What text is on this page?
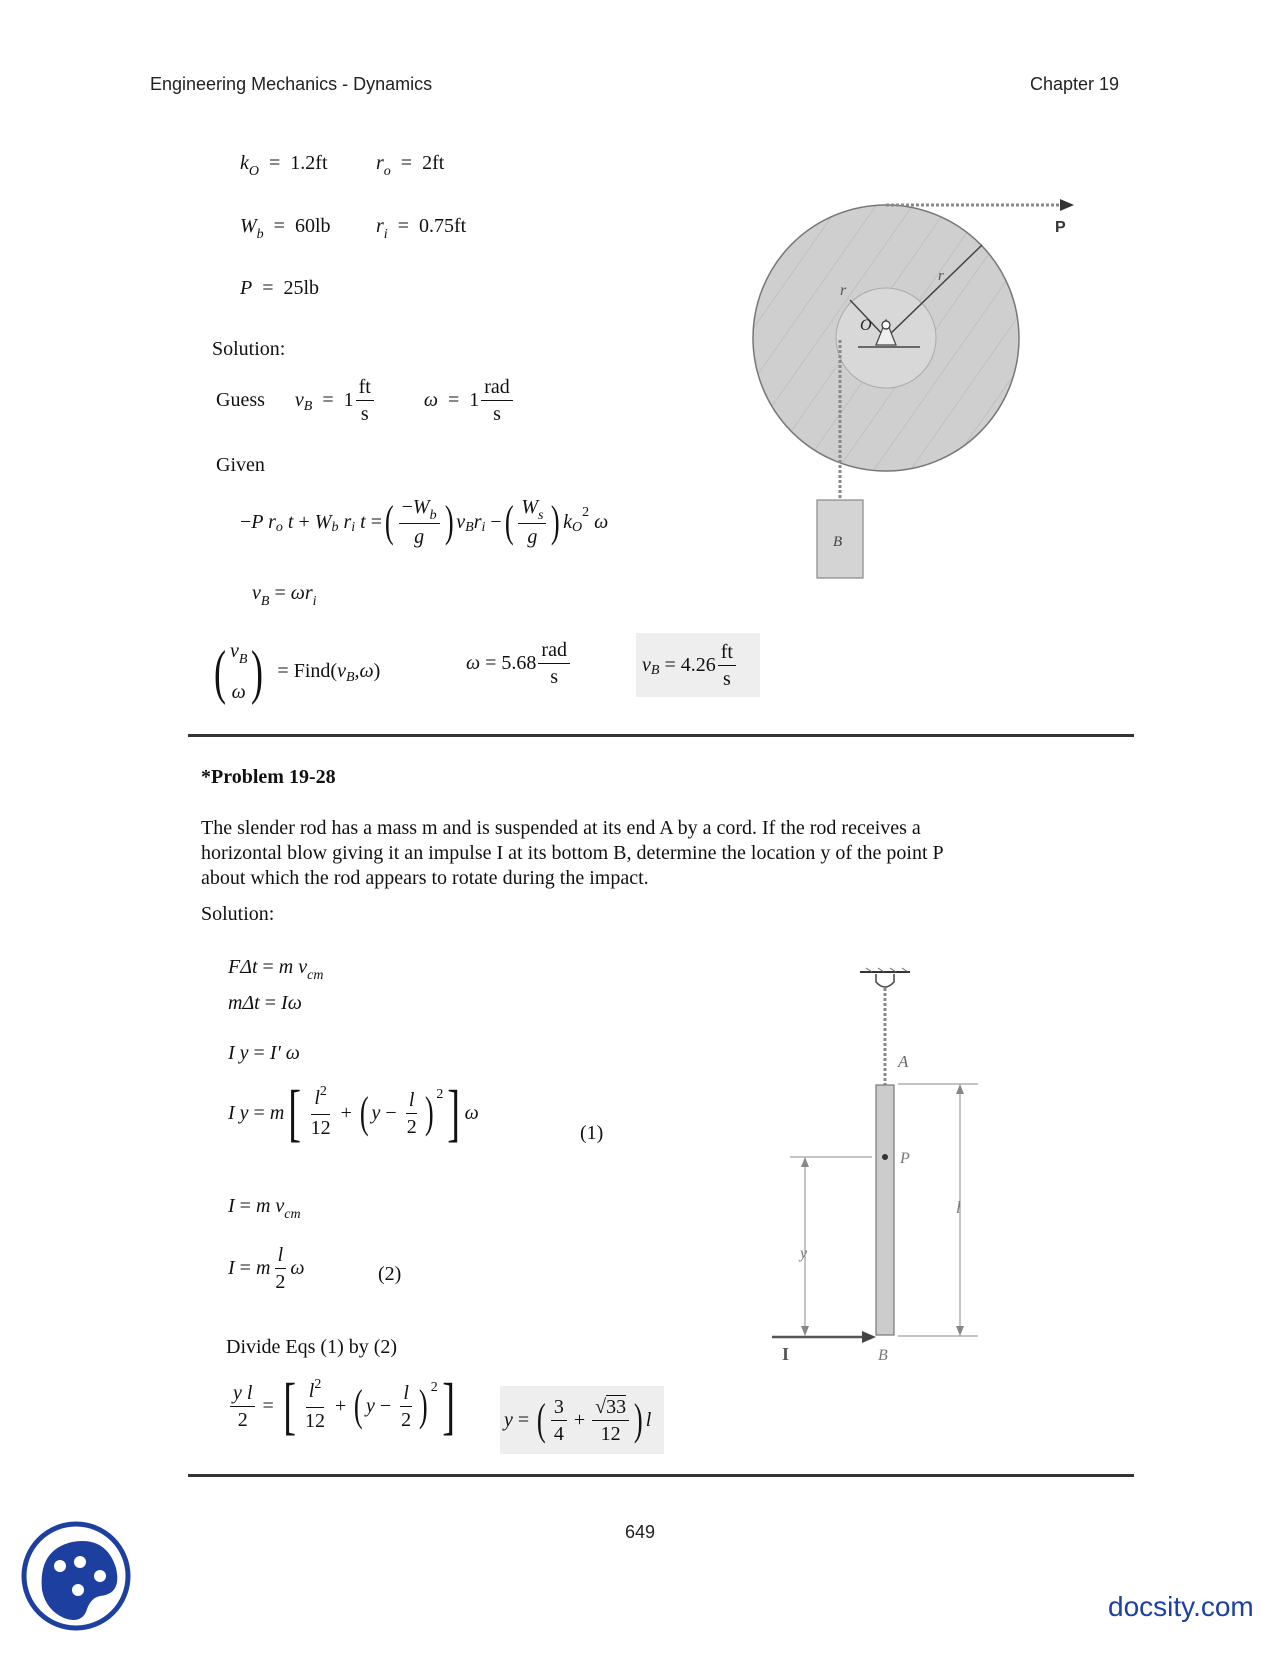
Engineering Mechanics - Dynamics	Chapter 19
$k_O = 1.2ft$ $r_o = 2ft$
$W_b = 60lb$ $r_i = 0.75ft$
P  =  25lb
Solution:
Guess v $B = 1 \frac{ft}{s}$	$\omega = 1 \frac{\text{rad}}{s}$
Given
− P r o t + W b r i t = ( $\frac{-W_b}{g}$ ) v B r i − ( $\frac{W_s}{g}$ ) k O
2 ω
$v_B = \omega r_i$
( $v_B$
ω ) = Find ( v B , ω )	$\omega = 5.68 \frac{\text{rad}}{s}$	v $B = 4.26 \frac{ft}{s}$
P
r
r
O
B
*Problem 19-28
The slender rod has a mass m and is suspended at its end A by a cord. If the rod receives a
horizontal blow giving it an impulse I at its bottom B, determine the location y of the point P
about which the rod appears to rotate during the impact.
Solution:
FΔt = m $v_{cm}$
mΔt = Iω
I y = I' ω
I y = m [ $\frac{l^2}{12}$ + ( $y - \frac{l}{2}$ ) 2 ] ω
(1)
I = m $v_{cm}$
I = m $\frac{l}{2}$ ω	(2)
Divide Eqs (1) by (2)
$\frac{\text{y l}}{2}$ = [ $\frac{l^2}{12}$ + ( $y - \frac{l}{2}$ ) 2 ] y = ( $\frac{3}{4} + \frac{√33}{12}$ ) l
A
P
l
y
I	B
649
docsity.com
